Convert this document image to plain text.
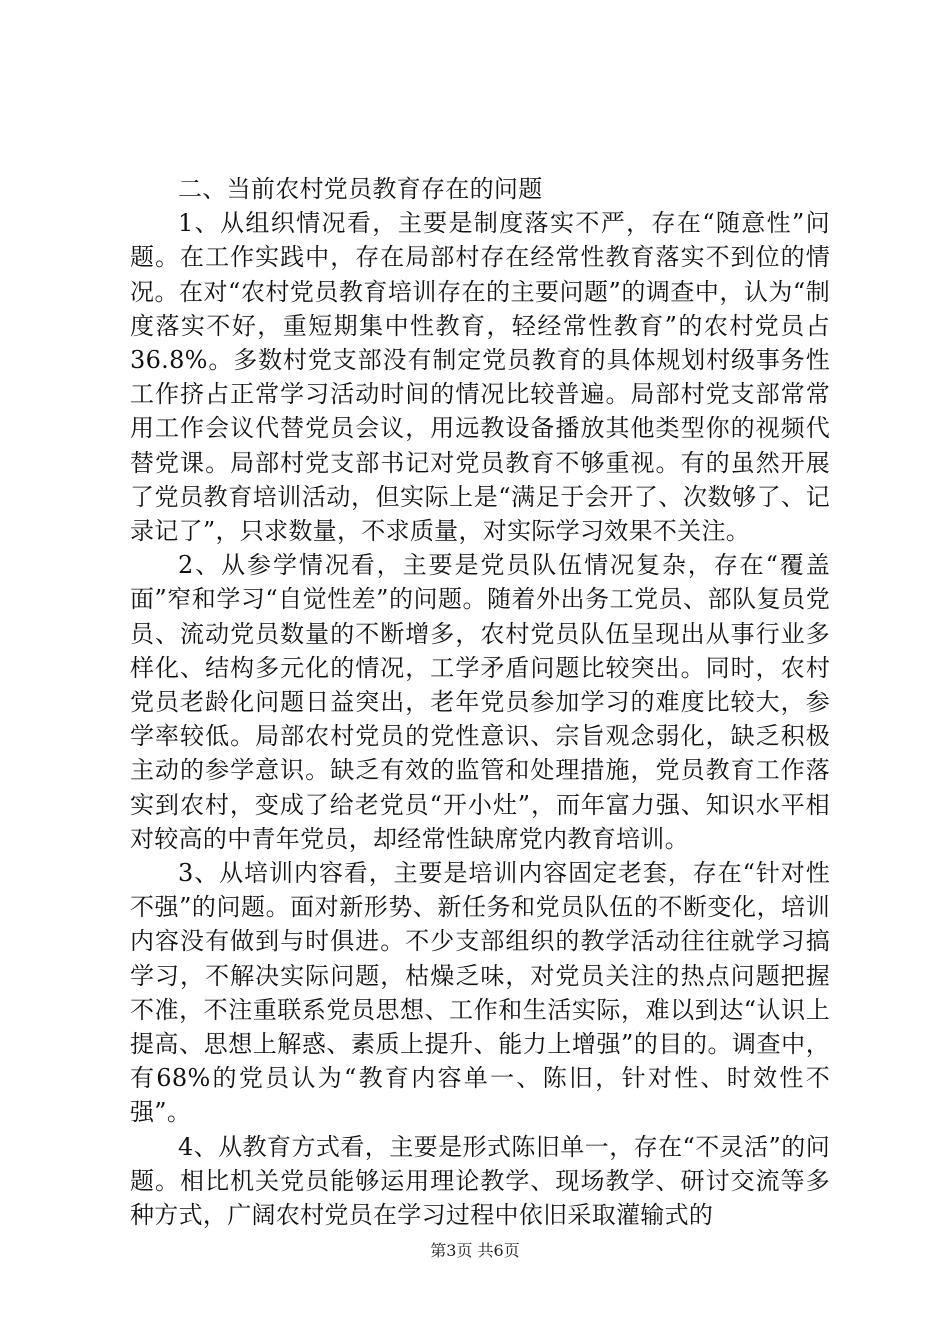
二、当前农村党员教育存在的问题

1、从组织情况看，主要是制度落实不严，存在“随意性”问题。在工作实践中，存在局部村存在经常性教育落实不到位的情况。在对“农村党员教育培训存在的主要问题”的调查中，认为“制度落实不好，重短期集中性教育，轻经常性教育”的农村党员占36.8%。多数村党支部没有制定党员教育的具体规划村级事务性工作挤占正常学习活动时间的情况比较普遍。局部村党支部常常用工作会议代替党员会议，用远教设备播放其他类型你的视频代替党课。局部村党支部书记对党员教育不够重视。有的虽然开展了党员教育培训活动，但实际上是“满足于会开了、次数够了、记录记了”，只求数量，不求质量，对实际学习效果不关注。

2、从参学情况看，主要是党员队伍情况复杂，存在“覆盖面”窄和学习“自觉性差”的问题。随着外出务工党员、部队复员党员、流动党员数量的不断增多，农村党员队伍呈现出从事行业多样化、结构多元化的情况，工学矛盾问题比较突出。同时，农村党员老龄化问题日益突出，老年党员参加学习的难度比较大，参学率较低。局部农村党员的党性意识、宗旨观念弱化，缺乏积极主动的参学意识。缺乏有效的监管和处理措施，党员教育工作落实到农村，变成了给老党员“开小灶”，而年富力强、知识水平相对较高的中青年党员，却经常性缺席党内教育培训。

3、从培训内容看，主要是培训内容固定老套，存在“针对性不强”的问题。面对新形势、新任务和党员队伍的不断变化，培训内容没有做到与时俱进。不少支部组织的教学活动往往就学习搞学习，不解决实际问题，枯燥乏味，对党员关注的热点问题把握不准，不注重联系党员思想、工作和生活实际，难以到达“认识上提高、思想上解惑、素质上提升、能力上增强”的目的。调查中，有68%的党员认为“教育内容单一、陈旧，针对性、时效性不强”。

4、从教育方式看，主要是形式陈旧单一，存在“不灵活”的问题。相比机关党员能够运用理论教学、现场教学、研讨交流等多种方式，广阔农村党员在学习过程中依旧采取灌输式的

第3页 共6页
